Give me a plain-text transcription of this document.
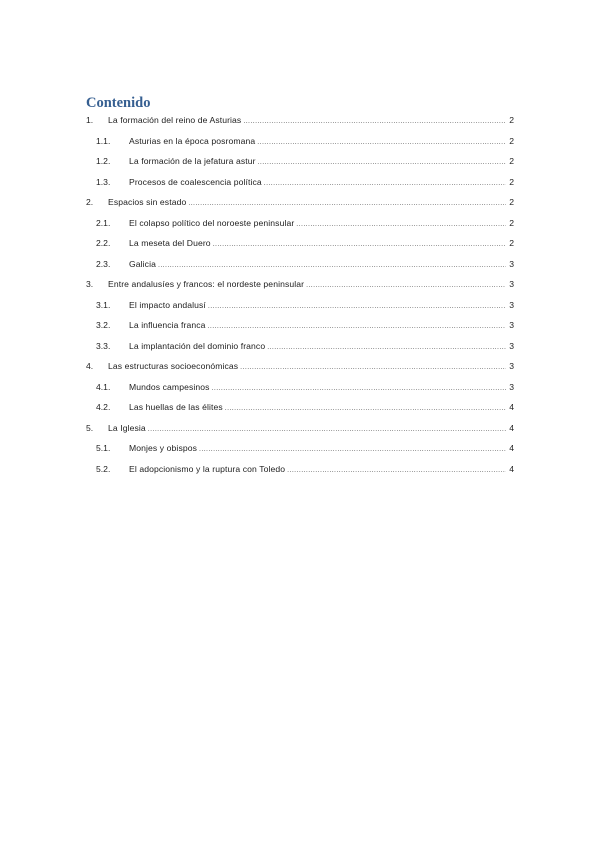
Contenido
1.	La formación del reino de Asturias .....	2
1.1.	Asturias en la época posromana .....	2
1.2.	La formación de la jefatura astur .....	2
1.3.	Procesos de coalescencia política .....	2
2.	Espacios sin estado .....	2
2.1.	El colapso político del noroeste peninsular .....	2
2.2.	La meseta del Duero .....	2
2.3.	Galicia .....	3
3.	Entre andalusíes y francos: el nordeste peninsular .....	3
3.1.	El impacto andalusí .....	3
3.2.	La influencia franca .....	3
3.3.	La implantación del dominio franco .....	3
4.	Las estructuras socioeconómicas .....	3
4.1.	Mundos campesinos .....	3
4.2.	Las huellas de las élites .....	4
5.	La Iglesia .....	4
5.1.	Monjes y obispos .....	4
5.2.	El adopcionismo y la ruptura con Toledo .....	4
